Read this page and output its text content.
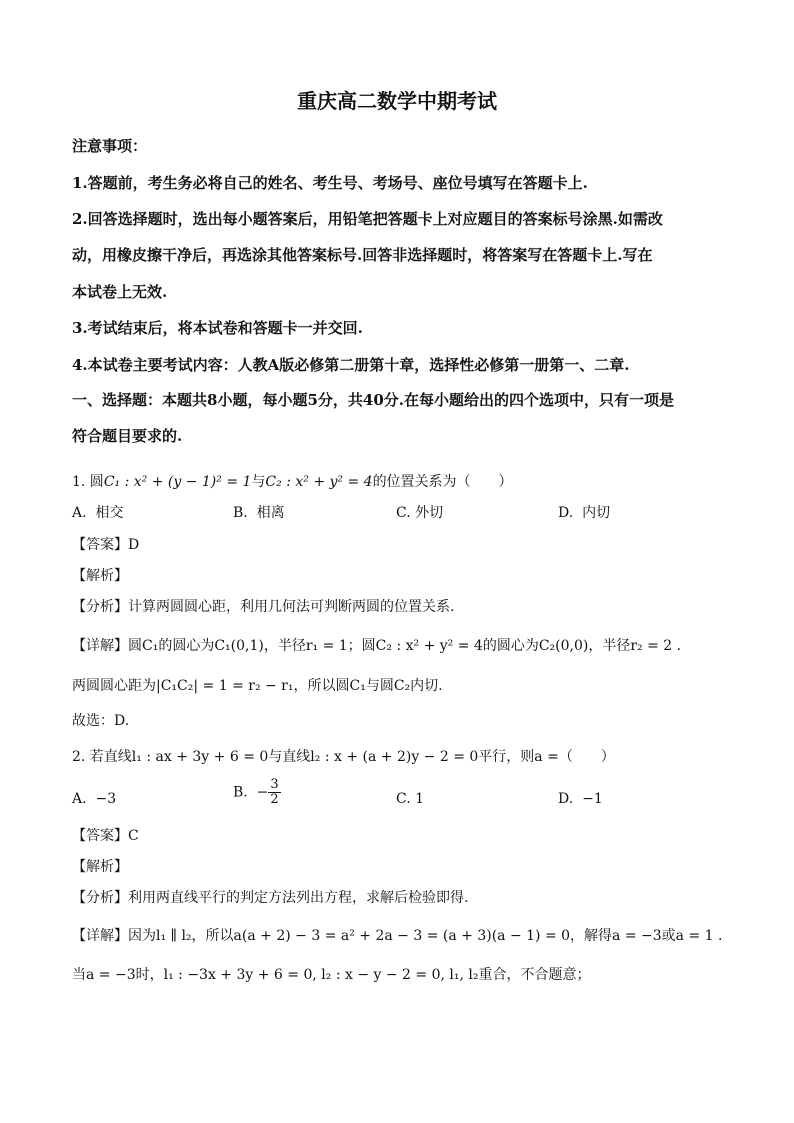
重庆高二数学中期考试
注意事项：
1.答题前，考生务必将自己的姓名、考生号、考场号、座位号填写在答题卡上.
2.回答选择题时，选出每小题答案后，用铅笔把答题卡上对应题目的答案标号涂黑.如需改
动，用橡皮擦干净后，再选涂其他答案标号.回答非选择题时，将答案写在答题卡上.写在
本试卷上无效.
3.考试结束后，将本试卷和答题卡一并交回.
4.本试卷主要考试内容：人教A版必修第二册第十章，选择性必修第一册第一、二章.
一、选择题：本题共8小题，每小题5分，共40分.在每小题给出的四个选项中，只有一项是
符合题目要求的.
1. 圆C₁ : x² + (y − 1)² = 1与C₂ : x² + y² = 4的位置关系为（　　）
A. 相交	B. 相离	C. 外切	D. 内切
【答案】D
【解析】
【分析】计算两圆圆心距，利用几何法可判断两圆的位置关系.
【详解】圆C₁的圆心为C₁(0,1)，半径r₁ = 1；圆C₂ : x² + y² = 4的圆心为C₂(0,0)，半径r₂ = 2 .
两圆圆心距为|C₁C₂| = 1 = r₂ − r₁，所以圆C₁与圆C₂内切.
故选：D.
2. 若直线l₁ : ax + 3y + 6 = 0与直线l₂ : x + (a + 2)y − 2 = 0平行，则a =（　　）
A. −3	B. − $\frac{3}{2}$	C. 1	D. −1
【答案】C
【解析】
【分析】利用两直线平行的判定方法列出方程，求解后检验即得.
【详解】因为l₁ ∥ l₂，所以a(a + 2) − 3 = a² + 2a − 3 = (a + 3)(a − 1) = 0，解得a = −3或a = 1 .
当a = −3时，l₁ : −3x + 3y + 6 = 0, l₂ : x − y − 2 = 0, l₁, l₂重合，不合题意；
